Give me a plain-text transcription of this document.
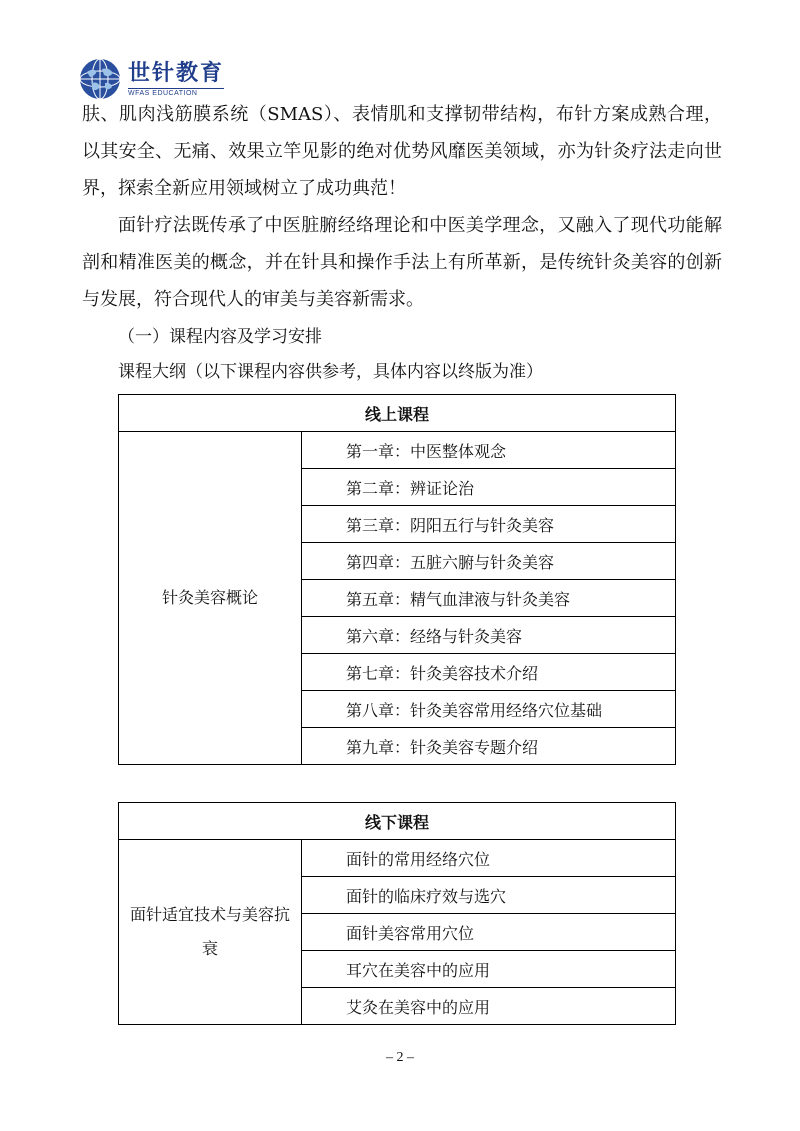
世针教育
WFAS EDUCATION

肤、肌肉浅筋膜系统（SMAS）、表情肌和支撑韧带结构，布针方案成熟合理，以其安全、无痛、效果立竿见影的绝对优势风靡医美领域，亦为针灸疗法走向世界，探索全新应用领域树立了成功典范！

面针疗法既传承了中医脏腑经络理论和中医美学理念，又融入了现代功能解剖和精准医美的概念，并在针具和操作手法上有所革新，是传统针灸美容的创新与发展，符合现代人的审美与美容新需求。

（一）课程内容及学习安排
课程大纲（以下课程内容供参考，具体内容以终版为准）
线上课程
针灸美容概论	第一章：中医整体观念
第二章：辨证论治
第三章：阴阳五行与针灸美容
第四章：五脏六腑与针灸美容
第五章：精气血津液与针灸美容
第六章：经络与针灸美容
第七章：针灸美容技术介绍
第八章：针灸美容常用经络穴位基础
第九章：针灸美容专题介绍
线下课程
面针适宜技术与美容抗衰	面针的常用经络穴位
面针的临床疗效与选穴
面针美容常用穴位
耳穴在美容中的应用
艾灸在美容中的应用
– 2 –
